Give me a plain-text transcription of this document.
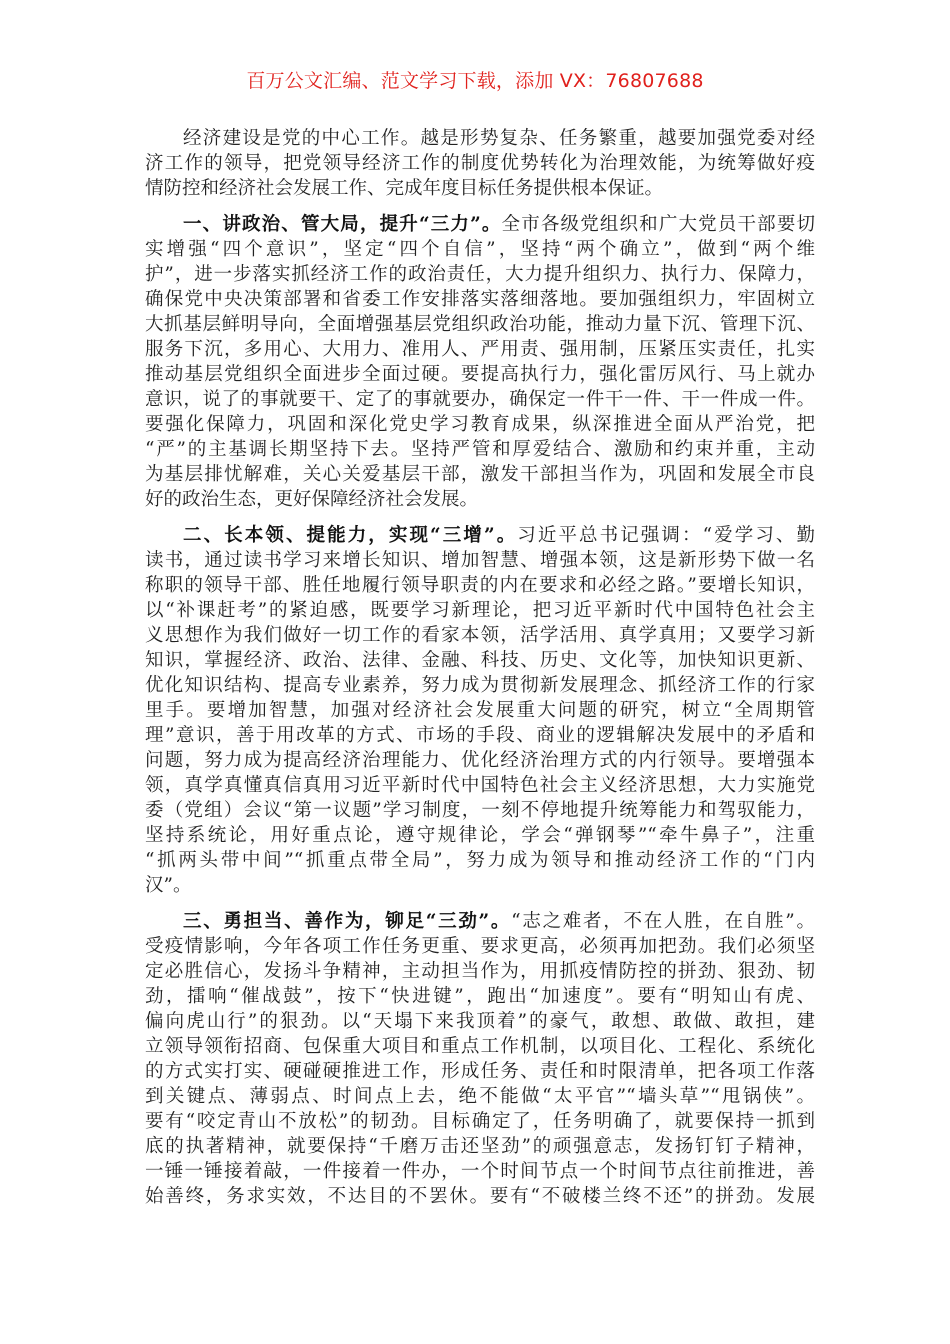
百万公文汇编、范文学习下载，添加 VX：76807688
经济建设是党的中心工作。越是形势复杂、任务繁重，越要加强党委对经
济工作的领导，把党领导经济工作的制度优势转化为治理效能，为统筹做好疫
情防控和经济社会发展工作、完成年度目标任务提供根本保证。
一、讲政治、管大局，提升“三力”。全市各级党组织和广大党员干部要切
实增强“四个意识”，坚定“四个自信”，坚持“两个确立”，做到“两个维
护”，进一步落实抓经济工作的政治责任，大力提升组织力、执行力、保障力，
确保党中央决策部署和省委工作安排落实落细落地。要加强组织力，牢固树立
大抓基层鲜明导向，全面增强基层党组织政治功能，推动力量下沉、管理下沉、
服务下沉，多用心、大用力、准用人、严用责、强用制，压紧压实责任，扎实
推动基层党组织全面进步全面过硬。要提高执行力，强化雷厉风行、马上就办
意识，说了的事就要干、定了的事就要办，确保定一件干一件、干一件成一件。
要强化保障力，巩固和深化党史学习教育成果，纵深推进全面从严治党，把
“严”的主基调长期坚持下去。坚持严管和厚爱结合、激励和约束并重，主动
为基层排忧解难，关心关爱基层干部，激发干部担当作为，巩固和发展全市良
好的政治生态，更好保障经济社会发展。
二、长本领、提能力，实现“三增”。习近平总书记强调：“爱学习、勤
读书，通过读书学习来增长知识、增加智慧、增强本领，这是新形势下做一名
称职的领导干部、胜任地履行领导职责的内在要求和必经之路。”要增长知识，
以“补课赶考”的紧迫感，既要学习新理论，把习近平新时代中国特色社会主
义思想作为我们做好一切工作的看家本领，活学活用、真学真用；又要学习新
知识，掌握经济、政治、法律、金融、科技、历史、文化等，加快知识更新、
优化知识结构、提高专业素养，努力成为贯彻新发展理念、抓经济工作的行家
里手。要增加智慧，加强对经济社会发展重大问题的研究，树立“全周期管
理”意识，善于用改革的方式、市场的手段、商业的逻辑解决发展中的矛盾和
问题，努力成为提高经济治理能力、优化经济治理方式的内行领导。要增强本
领，真学真懂真信真用习近平新时代中国特色社会主义经济思想，大力实施党
委（党组）会议“第一议题”学习制度，一刻不停地提升统筹能力和驾驭能力，
坚持系统论，用好重点论，遵守规律论，学会“弹钢琴”“牵牛鼻子”，注重
“抓两头带中间”“抓重点带全局”，努力成为领导和推动经济工作的“门内
汉”。
三、勇担当、善作为，铆足“三劲”。“志之难者，不在人胜，在自胜”。
受疫情影响，今年各项工作任务更重、要求更高，必须再加把劲。我们必须坚
定必胜信心，发扬斗争精神，主动担当作为，用抓疫情防控的拼劲、狠劲、韧
劲，擂响“催战鼓”，按下“快进键”，跑出“加速度”。要有“明知山有虎、
偏向虎山行”的狠劲。以“天塌下来我顶着”的豪气，敢想、敢做、敢担，建
立领导领衔招商、包保重大项目和重点工作机制，以项目化、工程化、系统化
的方式实打实、硬碰硬推进工作，形成任务、责任和时限清单，把各项工作落
到关键点、薄弱点、时间点上去，绝不能做“太平官”“墙头草”“甩锅侠”。
要有“咬定青山不放松”的韧劲。目标确定了，任务明确了，就要保持一抓到
底的执著精神，就要保持“千磨万击还坚劲”的顽强意志，发扬钉钉子精神，
一锤一锤接着敲，一件接着一件办，一个时间节点一个时间节点往前推进，善
始善终，务求实效，不达目的不罢休。要有“不破楼兰终不还”的拼劲。发展
